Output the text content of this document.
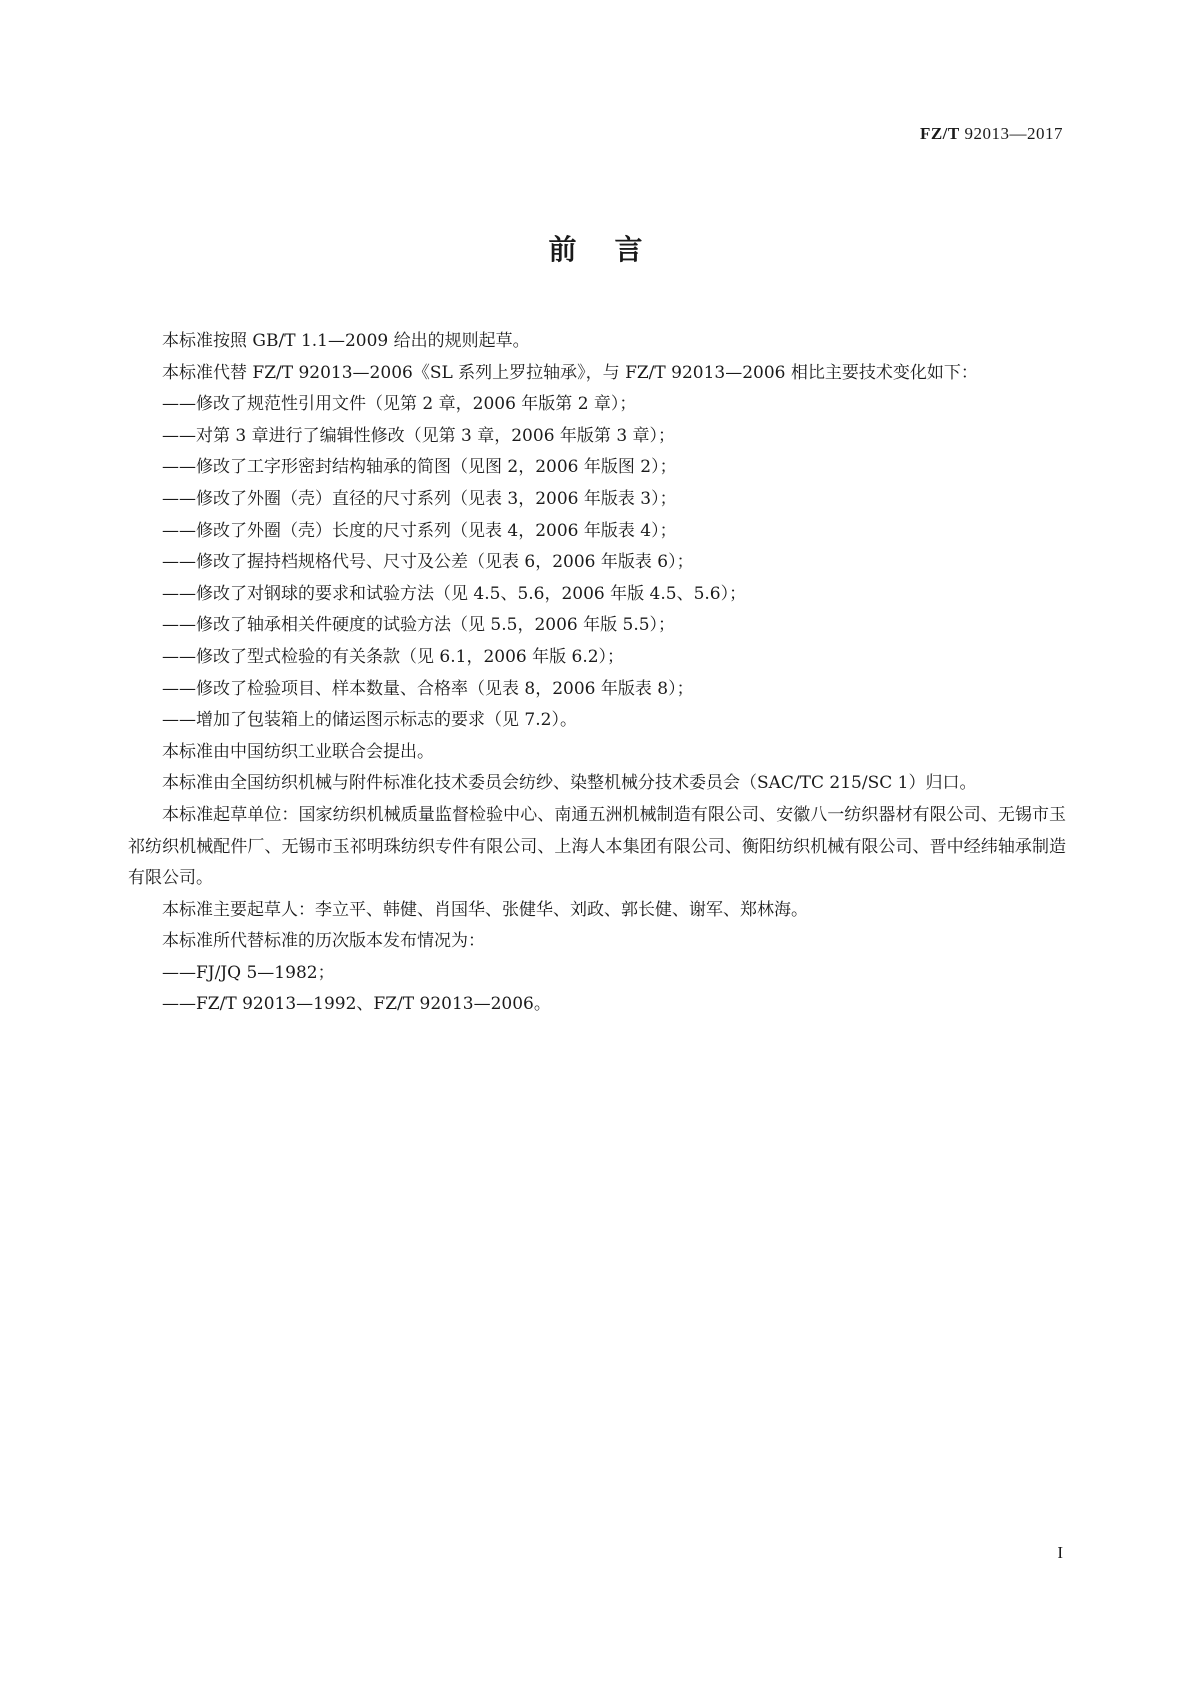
FZ/T 92013—2017
前言

本标准按照 GB/T 1.1—2009 给出的规则起草。

本标准代替 FZ/T 92013—2006《SL 系列上罗拉轴承》，与 FZ/T 92013—2006 相比主要技术变化如下：

——修改了规范性引用文件（见第 2 章，2006 年版第 2 章）；

——对第 3 章进行了编辑性修改（见第 3 章，2006 年版第 3 章）；

——修改了工字形密封结构轴承的简图（见图 2，2006 年版图 2）；

——修改了外圈（壳）直径的尺寸系列（见表 3，2006 年版表 3）；

——修改了外圈（壳）长度的尺寸系列（见表 4，2006 年版表 4）；

——修改了握持档规格代号、尺寸及公差（见表 6，2006 年版表 6）；

——修改了对钢球的要求和试验方法（见 4.5、5.6，2006 年版 4.5、5.6）；

——修改了轴承相关件硬度的试验方法（见 5.5，2006 年版 5.5）；

——修改了型式检验的有关条款（见 6.1，2006 年版 6.2）；

——修改了检验项目、样本数量、合格率（见表 8，2006 年版表 8）；

——增加了包装箱上的储运图示标志的要求（见 7.2）。

本标准由中国纺织工业联合会提出。

本标准由全国纺织机械与附件标准化技术委员会纺纱、染整机械分技术委员会（SAC/TC 215/SC 1）归口。

本标准起草单位：国家纺织机械质量监督检验中心、南通五洲机械制造有限公司、安徽八一纺织器材有限公司、无锡市玉祁纺织机械配件厂、无锡市玉祁明珠纺织专件有限公司、上海人本集团有限公司、衡阳纺织机械有限公司、晋中经纬轴承制造有限公司。

本标准主要起草人：李立平、韩健、肖国华、张健华、刘政、郭长健、谢军、郑林海。

本标准所代替标准的历次版本发布情况为：

——FJ/JQ 5—1982；

——FZ/T 92013—1992、FZ/T 92013—2006。

I
